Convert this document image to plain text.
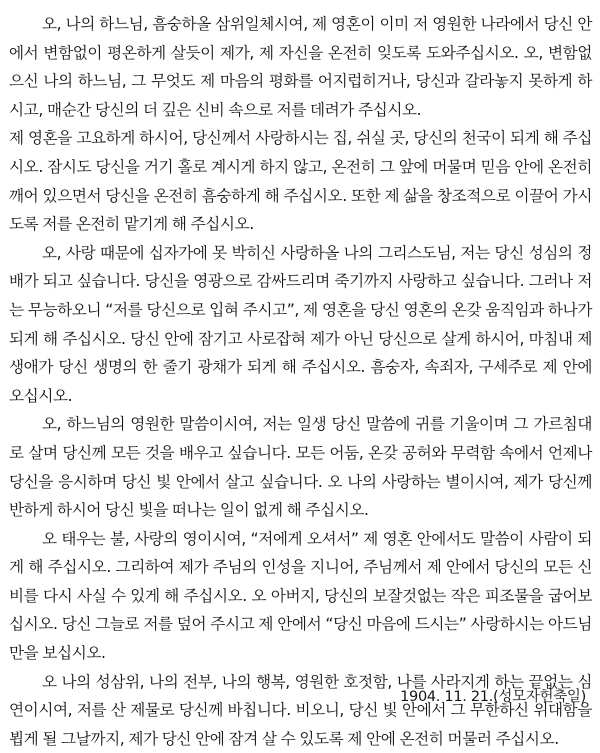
오, 나의 하느님, 흠숭하올 삼위일체시여, 제 영혼이 이미 저 영원한 나라에서 당신 안에서 변함없이 평온하게 살듯이 제가, 제 자신을 온전히 잊도록 도와주십시오. 오, 변함없으신 나의 하느님, 그 무엇도 제 마음의 평화를 어지럽히거나, 당신과 갈라놓지 못하게 하시고, 매순간 당신의 더 깊은 신비 속으로 저를 데려가 주십시오.

제 영혼을 고요하게 하시어, 당신께서 사랑하시는 집, 쉬실 곳, 당신의 천국이 되게 해 주십시오. 잠시도 당신을 거기 홀로 계시게 하지 않고, 온전히 그 앞에 머물며 믿음 안에 온전히 깨어 있으면서 당신을 온전히 흠숭하게 해 주십시오. 또한 제 삶을 창조적으로 이끌어 가시도록 저를 온전히 맡기게 해 주십시오.

오, 사랑 때문에 십자가에 못 박히신 사랑하올 나의 그리스도님, 저는 당신 성심의 정배가 되고 싶습니다. 당신을 영광으로 감싸드리며 죽기까지 사랑하고 싶습니다. 그러나 저는 무능하오니 “저를 당신으로 입혀 주시고”, 제 영혼을 당신 영혼의 온갖 움직임과 하나가 되게 해 주십시오. 당신 안에 잠기고 사로잡혀 제가 아닌 당신으로 살게 하시어, 마침내 제 생애가 당신 생명의 한 줄기 광채가 되게 해 주십시오. 흠숭자, 속죄자, 구세주로 제 안에 오십시오.

오, 하느님의 영원한 말씀이시여, 저는 일생 당신 말씀에 귀를 기울이며 그 가르침대로 살며 당신께 모든 것을 배우고 싶습니다. 모든 어둠, 온갖 공허와 무력함 속에서 언제나 당신을 응시하며 당신 빛 안에서 살고 싶습니다. 오 나의 사랑하는 별이시여, 제가 당신께 반하게 하시어 당신 빛을 떠나는 일이 없게 해 주십시오.

오 태우는 불, 사랑의 영이시여, “저에게 오셔서” 제 영혼 안에서도 말씀이 사람이 되게 해 주십시오. 그리하여 제가 주님의 인성을 지니어, 주님께서 제 안에서 당신의 모든 신비를 다시 사실 수 있게 해 주십시오. 오 아버지, 당신의 보잘것없는 작은 피조물을 굽어보십시오. 당신 그늘로 저를 덮어 주시고 제 안에서 “당신 마음에 드시는” 사랑하시는 아드님만을 보십시오.

오 나의 성삼위, 나의 전부, 나의 행복, 영원한 호젓함, 나를 사라지게 하는 끝없는 심연이시여, 저를 산 제물로 당신께 바칩니다. 비오니, 당신 빛 안에서 그 무한하신 위대함을 뵙게 될 그날까지, 제가 당신 안에 잠겨 살 수 있도록 제 안에 온전히 머물러 주십시오.

1904. 11. 21.(성모자헌축일)
